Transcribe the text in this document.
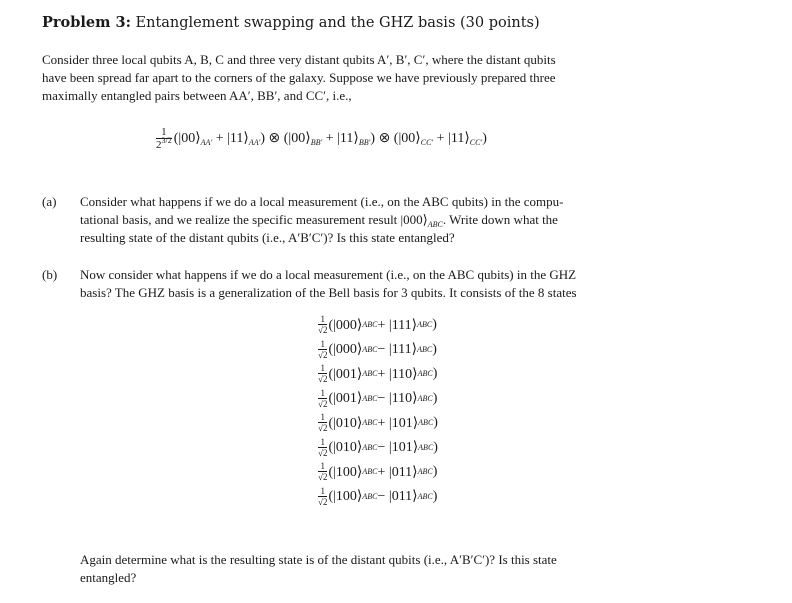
Problem 3: Entanglement swapping and the GHZ basis (30 points)
Consider three local qubits A, B, C and three very distant qubits A′, B′, C′, where the distant qubits
have been spread far apart to the corners of the galaxy. Suppose we have previously prepared three
maximally entangled pairs between AA′, BB′, and CC′, i.e.,
$\frac{1}{2^{3/2}}$ ($|00⟩_{AA'}$ + $|11⟩_{AA'}$) ⊗ ($|00⟩_{BB'}$ + $|11⟩_{BB'}$) ⊗ ($|00⟩_{CC'}$ + $|11⟩_{CC'}$)
(a) Consider what happens if we do a local measurement (i.e., on the ABC qubits) in the compu-
tational basis, and we realize the specific measurement result $|000⟩_{ABC}$. Write down what the
resulting state of the distant qubits (i.e., A′B′C′)? Is this state entangled?
(b) Now consider what happens if we do a local measurement (i.e., on the ABC qubits) in the GHZ
basis? The GHZ basis is a generalization of the Bell basis for 3 qubits. It consists of the 8 states
1
√2 (|000⟩ ABC + |111⟩ ABC )
1
√2 (|000⟩ ABC − |111⟩ ABC )
1
√2 (|001⟩ ABC + |110⟩ ABC )
1
√2 (|001⟩ ABC − |110⟩ ABC )
1
√2 (|010⟩ ABC + |101⟩ ABC )
1
√2 (|010⟩ ABC − |101⟩ ABC )
1
√2 (|100⟩ ABC + |011⟩ ABC )
1
√2 (|100⟩ ABC − |011⟩ ABC )
Again determine what is the resulting state is of the distant qubits (i.e., A′B′C′)? Is this state
entangled?
